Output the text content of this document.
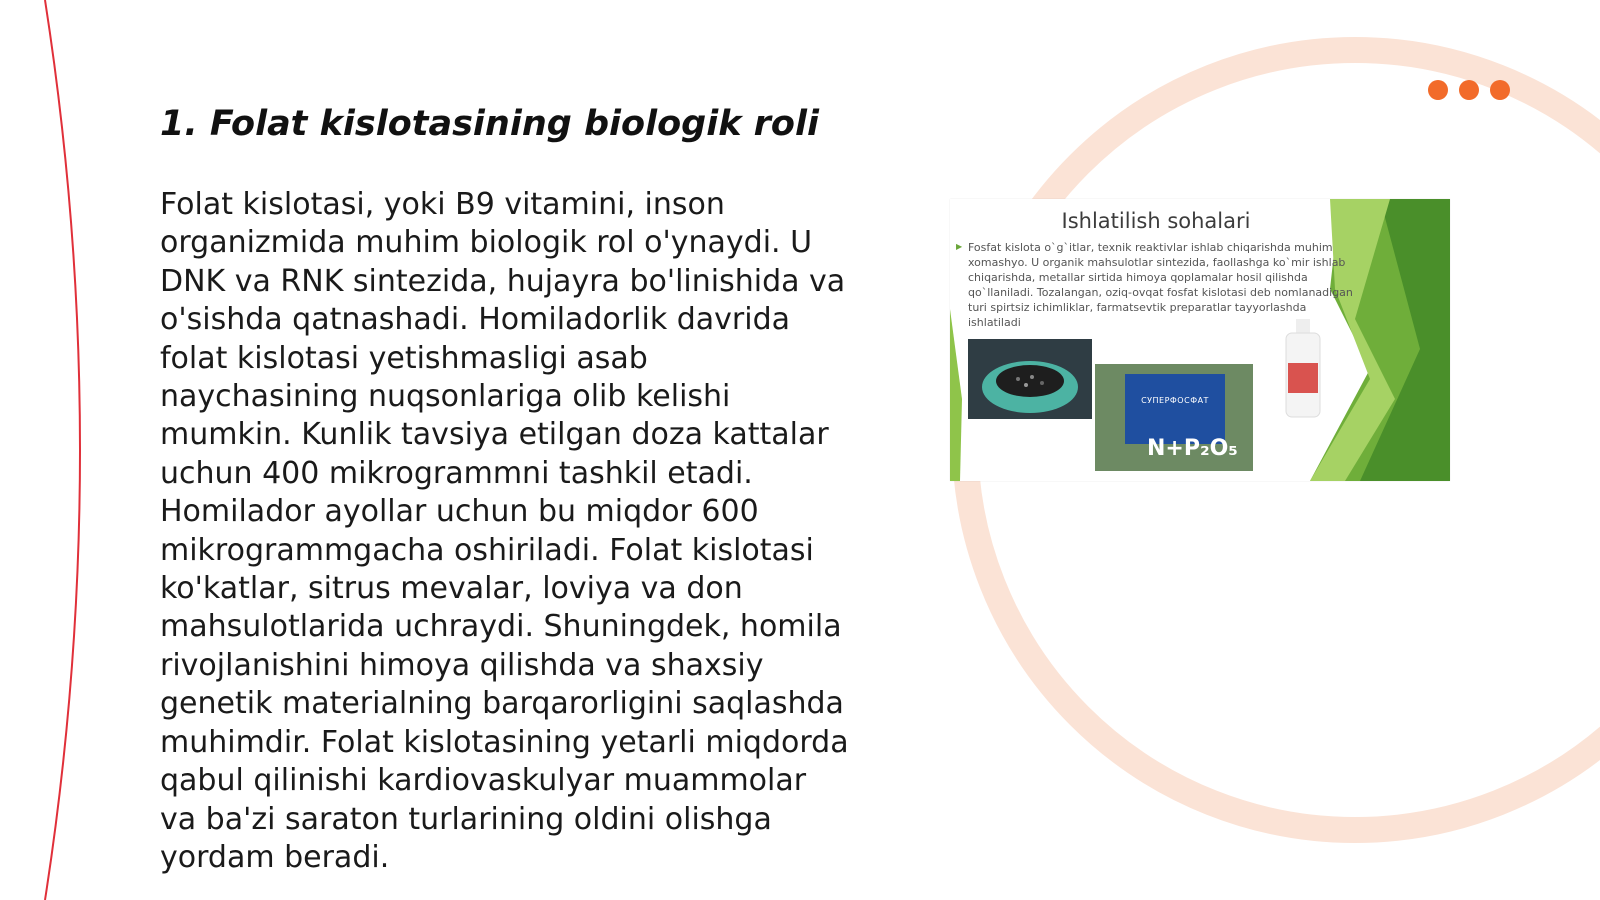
1. Folat kislotasining biologik roli

Folat kislotasi, yoki B9 vitamini, inson organizmida muhim biologik rol o'ynaydi. U DNK va RNK sintezida, hujayra bo'linishida va o'sishda qatnashadi. Homiladorlik davrida folat kislotasi yetishmasligi asab naychasining nuqsonlariga olib kelishi mumkin. Kunlik tavsiya etilgan doza kattalar uchun 400 mikrogrammni tashkil etadi. Homilador ayollar uchun bu miqdor 600 mikrogrammgacha oshiriladi. Folat kislotasi ko'katlar, sitrus mevalar, loviya va don mahsulotlarida uchraydi. Shuningdek, homila rivojlanishini himoya qilishda va shaxsiy genetik materialning barqarorligini saqlashda muhimdir. Folat kislotasining yetarli miqdorda qabul qilinishi kardiovaskulyar muammolar va ba'zi saraton turlarining oldini olishga yordam beradi.

Ishlatilish sohalari
▶ Fosfat kislota o`g`itlar, texnik reaktivlar ishlab chiqarishda muhim xomashyo. U organik mahsulotlar sintezida, faollashga ko`mir ishlab chiqarishda, metallar sirtida himoya qoplamalar hosil qilishda qo`llaniladi. Tozalangan, oziq-ovqat fosfat kislotasi deb nomlanadigan turi spirtsiz ichimliklar, farmatsevtik preparatlar tayyorlashda ishlatiladi
СУПЕРФОСФАТ
N+P₂O₅
